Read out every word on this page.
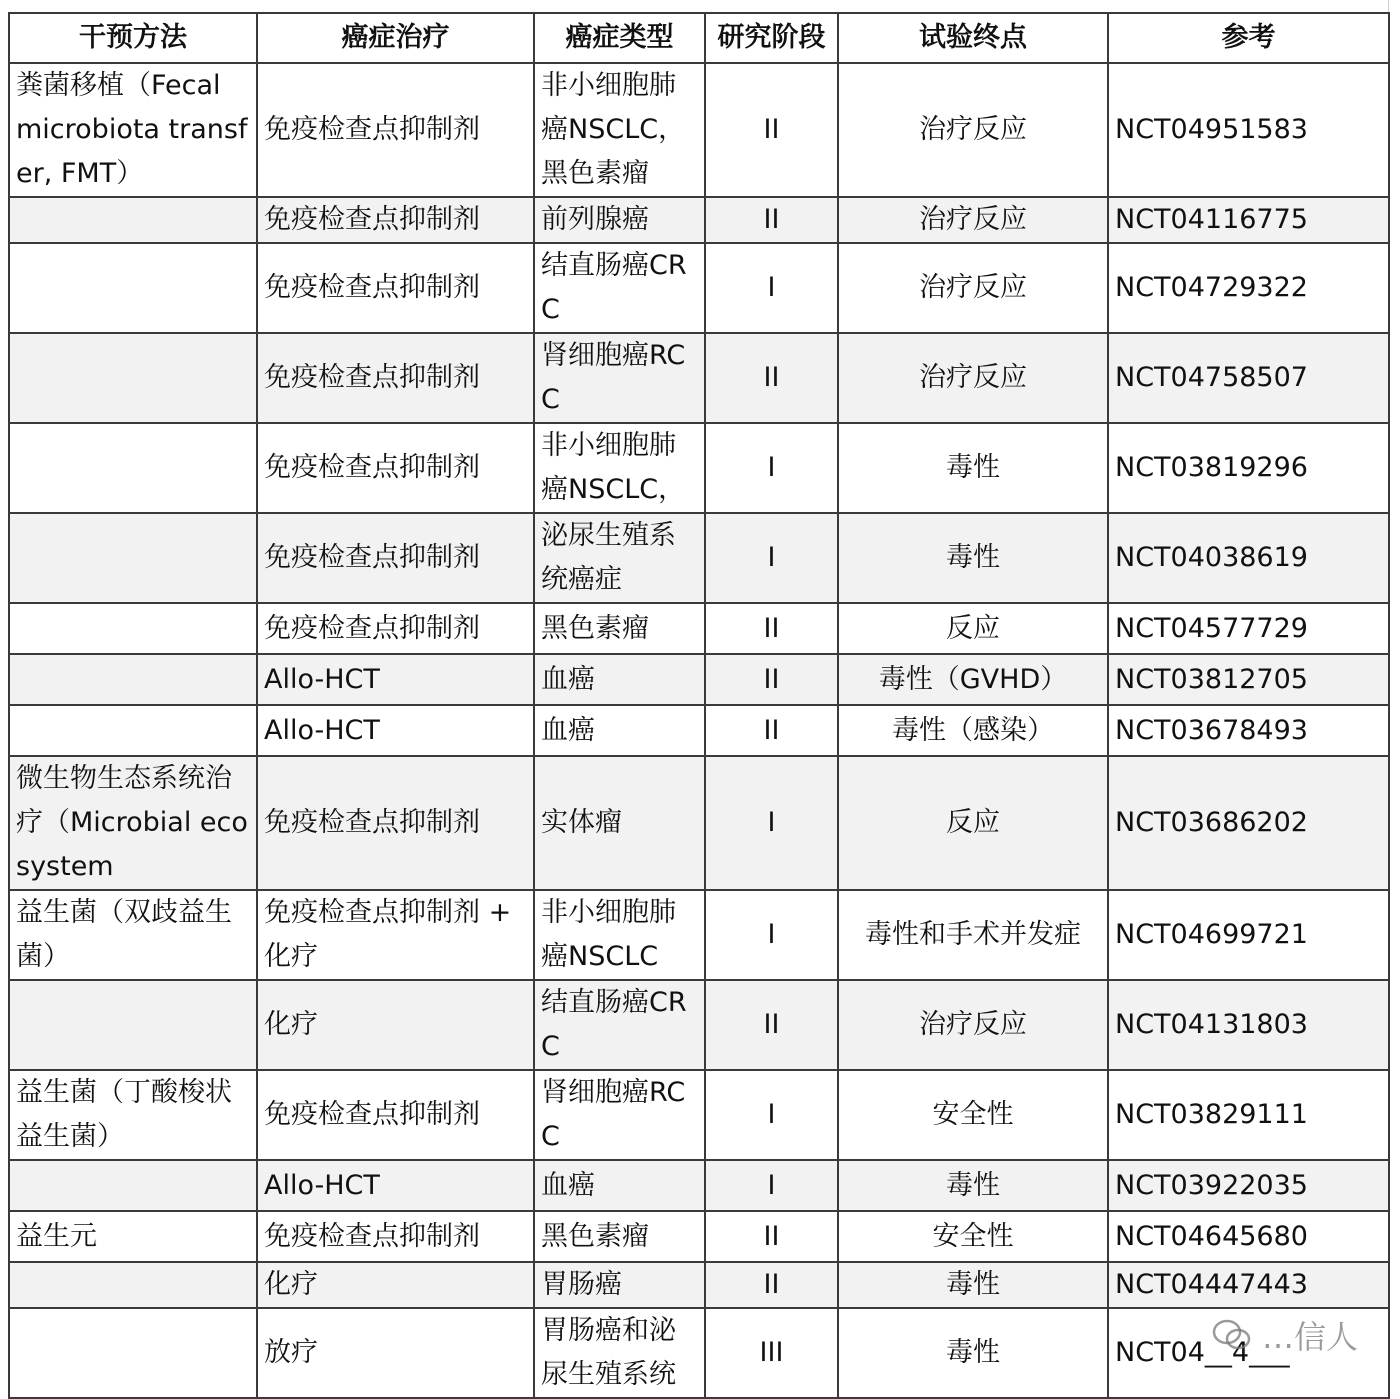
干预方法	癌症治疗	癌症类型	研究阶段	试验终点	参考
粪菌移植（Fecal microbiota transfer, FMT）	免疫检查点抑制剂	非小细胞肺癌NSCLC，黑色素瘤	II	治疗反应	NCT04951583
	免疫检查点抑制剂	前列腺癌	II	治疗反应	NCT04116775
	免疫检查点抑制剂	结直肠癌CRC	I	治疗反应	NCT04729322
	免疫检查点抑制剂	肾细胞癌RCC	II	治疗反应	NCT04758507
	免疫检查点抑制剂	非小细胞肺癌NSCLC，	I	毒性	NCT03819296
	免疫检查点抑制剂	泌尿生殖系统癌症	I	毒性	NCT04038619
	免疫检查点抑制剂	黑色素瘤	II	反应	NCT04577729
	Allo-HCT	血癌	II	毒性（GVHD）	NCT03812705
	Allo-HCT	血癌	II	毒性（感染）	NCT03678493
微生物生态系统治疗（Microbial ecosystem	免疫检查点抑制剂	实体瘤	I	反应	NCT03686202
益生菌（双歧益生菌）	免疫检查点抑制剂 + 化疗	非小细胞肺癌NSCLC	I	毒性和手术并发症	NCT04699721
	化疗	结直肠癌CRC	II	治疗反应	NCT04131803
益生菌（丁酸梭状益生菌）	免疫检查点抑制剂	肾细胞癌RCC	I	安全性	NCT03829111
	Allo-HCT	血癌	I	毒性	NCT03922035
益生元	免疫检查点抑制剂	黑色素瘤	II	安全性	NCT04645680
	化疗	胃肠癌	II	毒性	NCT04447443
	放疗	胃肠癌和泌尿生殖系统	III	毒性	NCT04__4___
…信人
